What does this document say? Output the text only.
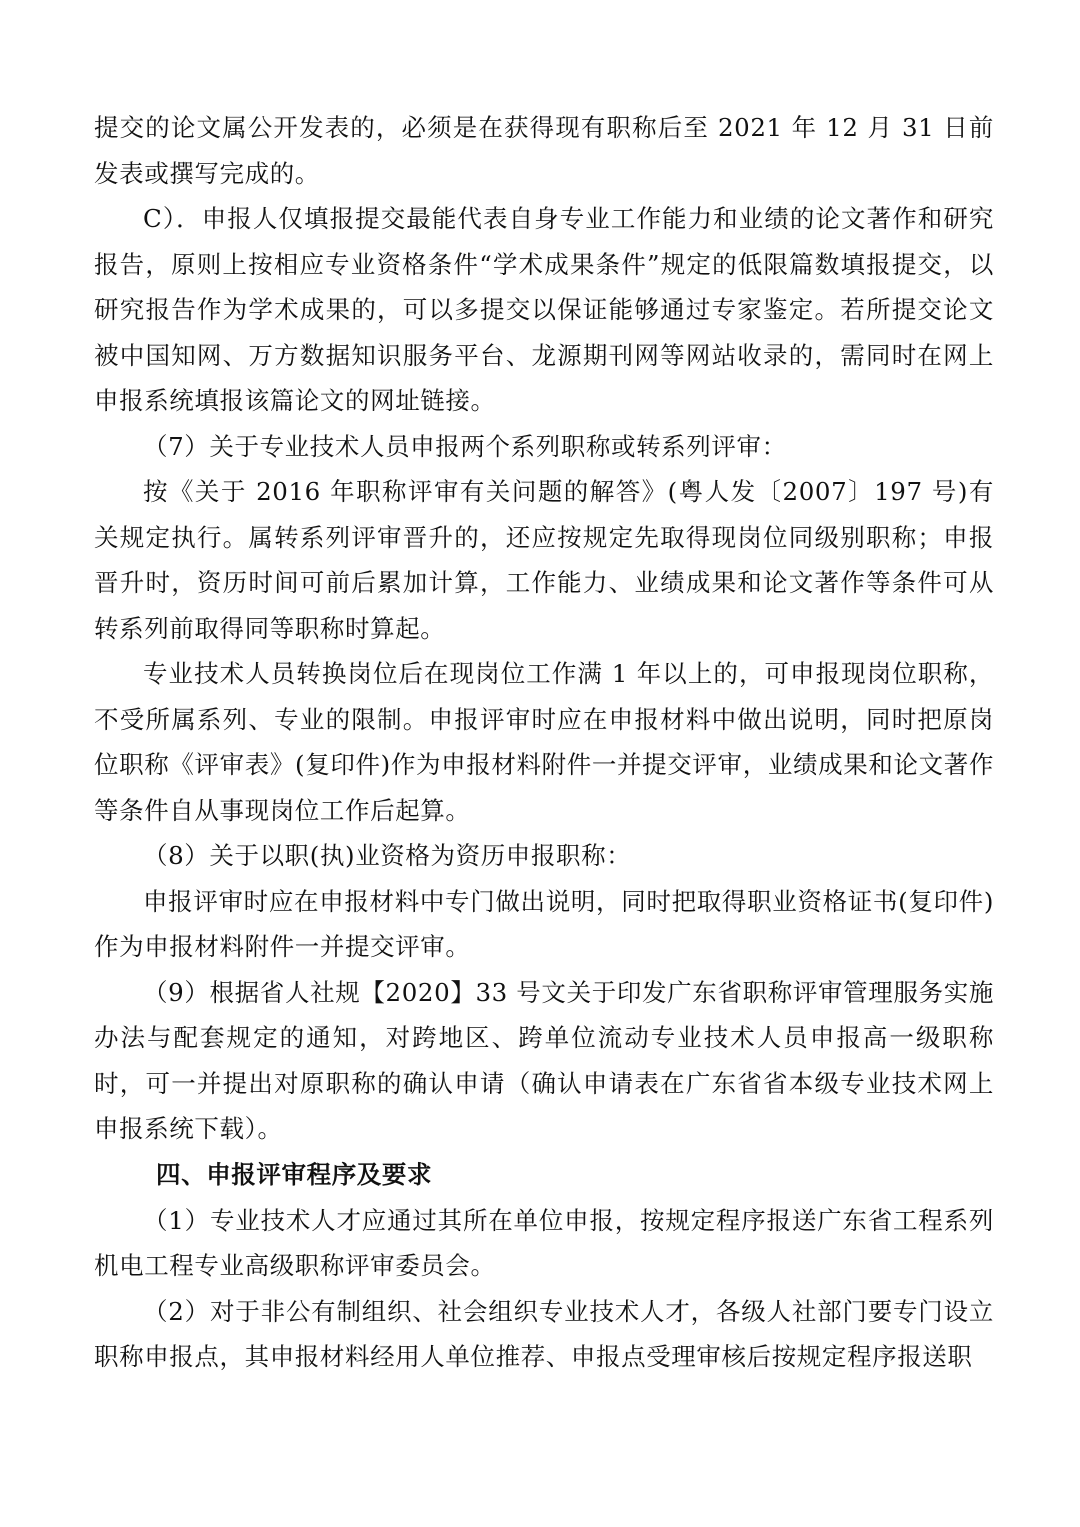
提交的论文属公开发表的，必须是在获得现有职称后至 2021 年 12 月 31 日前发表或撰写完成的。

C）．申报人仅填报提交最能代表自身专业工作能力和业绩的论文著作和研究报告，原则上按相应专业资格条件“学术成果条件”规定的低限篇数填报提交，以研究报告作为学术成果的，可以多提交以保证能够通过专家鉴定。若所提交论文被中国知网、万方数据知识服务平台、龙源期刊网等网站收录的，需同时在网上申报系统填报该篇论文的网址链接。

（7）关于专业技术人员申报两个系列职称或转系列评审：

按《关于 2016 年职称评审有关问题的解答》(粤人发〔2007〕197 号)有关规定执行。属转系列评审晋升的，还应按规定先取得现岗位同级别职称；申报晋升时，资历时间可前后累加计算，工作能力、业绩成果和论文著作等条件可从转系列前取得同等职称时算起。

专业技术人员转换岗位后在现岗位工作满 1 年以上的，可申报现岗位职称，不受所属系列、专业的限制。申报评审时应在申报材料中做出说明，同时把原岗位职称《评审表》(复印件)作为申报材料附件一并提交评审，业绩成果和论文著作等条件自从事现岗位工作后起算。

（8）关于以职(执)业资格为资历申报职称：

申报评审时应在申报材料中专门做出说明，同时把取得职业资格证书(复印件)作为申报材料附件一并提交评审。

（9）根据省人社规【2020】33 号文关于印发广东省职称评审管理服务实施办法与配套规定的通知，对跨地区、跨单位流动专业技术人员申报高一级职称时，可一并提出对原职称的确认申请（确认申请表在广东省省本级专业技术网上申报系统下载）。

四、申报评审程序及要求

（1）专业技术人才应通过其所在单位申报，按规定程序报送广东省工程系列机电工程专业高级职称评审委员会。

（2）对于非公有制组织、社会组织专业技术人才，各级人社部门要专门设立职称申报点，其申报材料经用人单位推荐、申报点受理审核后按规定程序报送职
